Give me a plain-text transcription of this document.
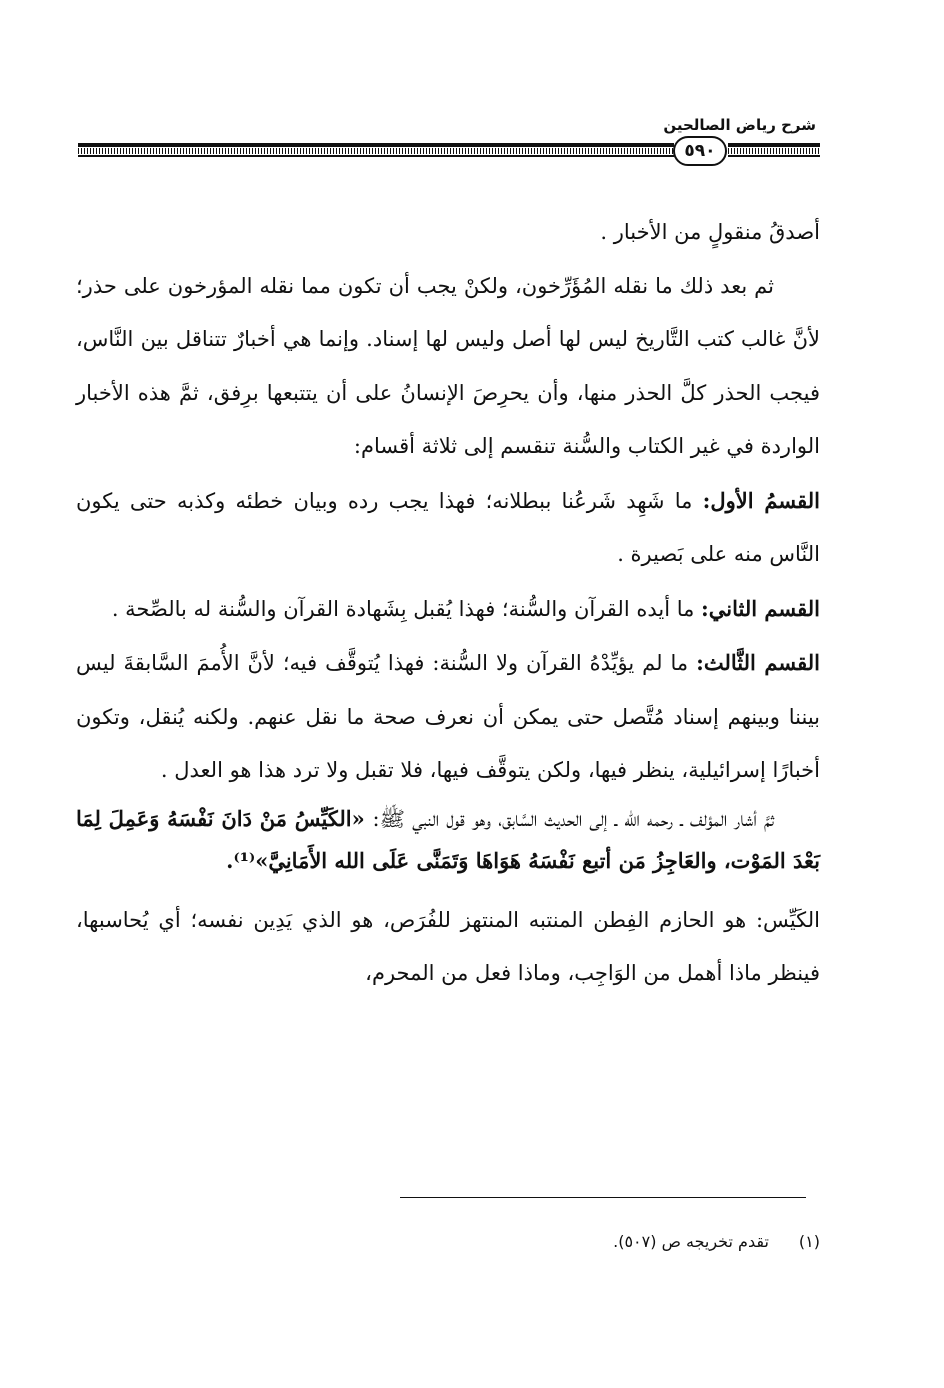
شرح رياض الصالحين
٥٩٠

أصدقُ منقولٍ من الأخبار .

ثم بعد ذلك ما نقله المُؤَرِّخون، ولكنْ يجب أن تكون مما نقله المؤرخون على حذر؛ لأنَّ غالب كتب التَّاريخ ليس لها أصل وليس لها إسناد. وإنما هي أخبارٌ تتناقل بين النَّاس، فيجب الحذر كلَّ الحذر منها، وأن يحرِصَ الإنسانُ على أن يتتبعها برِفق، ثمَّ هذه الأخبار الواردة في غير الكتاب والسُّنة تنقسم إلى ثلاثة أقسام:

القسمُ الأول: ما شَهِد شَرعُنا ببطلانه؛ فهذا يجب رده وبيان خطئه وكذبه حتى يكون النَّاس منه على بَصيرة .

القسم الثاني: ما أيده القرآن والسُّنة؛ فهذا يُقبل بِشَهادة القرآن والسُّنة له بالصِّحة .

القسم الثَّالث: ما لم يؤيِّدْهُ القرآن ولا السُّنة: فهذا يُتوقَّف فيه؛ لأنَّ الأُممَ السَّابقةَ ليس بيننا وبينهم إسناد مُتَّصل حتى يمكن أن نعرف صحة ما نقل عنهم. ولكنه يُنقل، وتكون أخبارًا إسرائيلية، ينظر فيها، ولكن يتوقَّف فيها، فلا تقبل ولا ترد هذا هو العدل .

ثمَّ أشار المؤلف ـ رحمه الله ـ إلى الحديث السَّابق، وهو قول النبي ﷺ: «الكَيِّسُ مَنْ دَانَ نَفْسَهُ وَعَمِلَ لِمَا بَعْدَ المَوْت، والعَاجِزُ مَن أتبع نَفْسَهُ هَوَاهَا وَتَمَنَّى عَلَى الله الأَمَانِيَّ»⁽¹⁾.

الكَيِّس: هو الحازم الفِطن المنتبه المنتهز للفُرَص، هو الذي يَدِين نفسه؛ أي يُحاسبها، فينظر ماذا أهمل من الوَاجِب، وماذا فعل من المحرم،

(١)تقدم تخريجه ص (٥٠٧).
